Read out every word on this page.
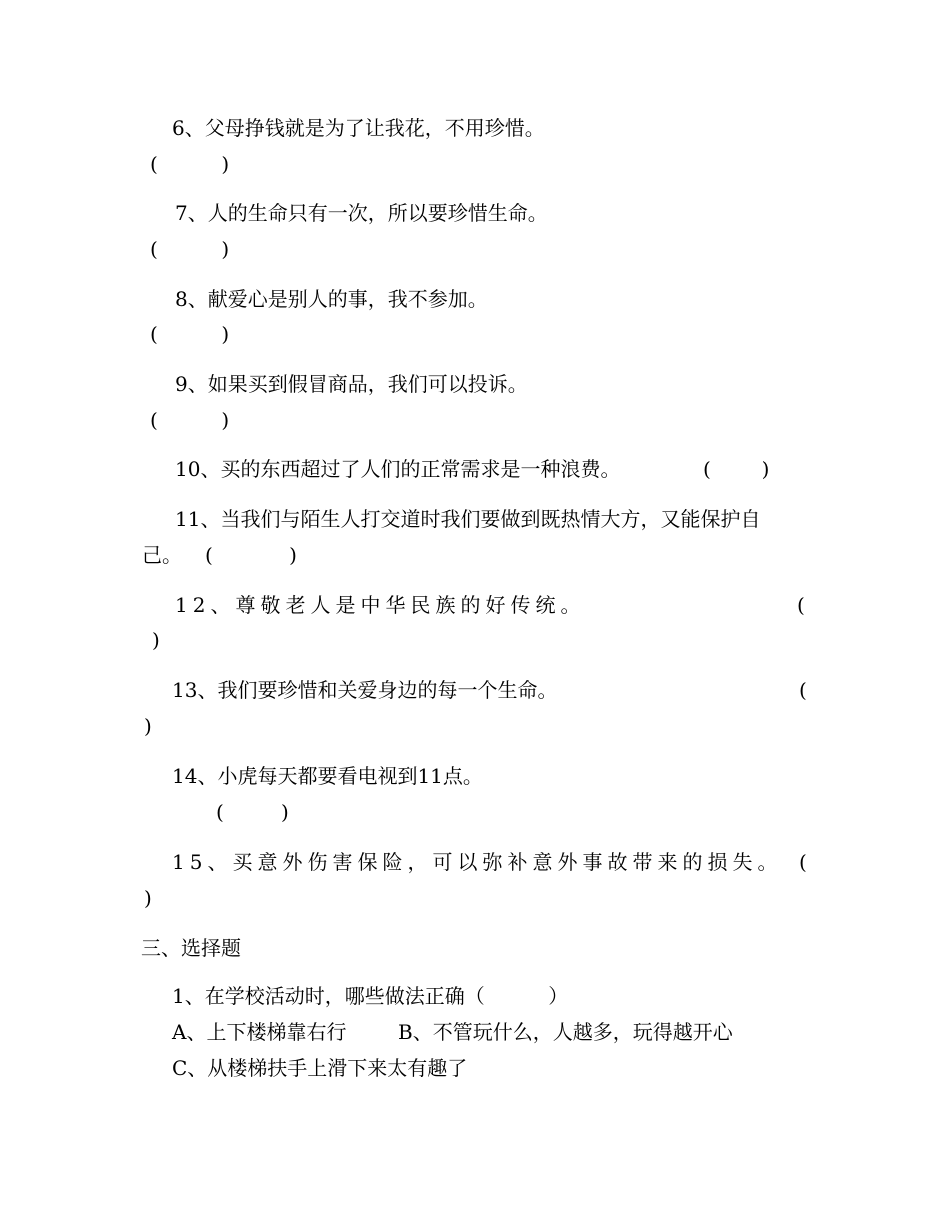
6、父母挣钱就是为了让我花，不用珍惜。
(          )
7、人的生命只有一次，所以要珍惜生命。
(          )
8、献爱心是别人的事，我不参加。
(          )
9、如果买到假冒商品，我们可以投诉。
(          )
10、买的东西超过了人们的正常需求是一种浪费。	(        )
11、当我们与陌生人打交道时我们要做到既热情大方，又能保护自
己。 (            )
12、尊敬老人是中华民族的好传统。	(
)
13、我们要珍惜和关爱身边的每一个生命。	(
)
14、小虎每天都要看电视到11点。
(         )
15、买意外伤害保险，可以弥补意外事故带来的损失。 (
)
三、选择题
1、在学校活动时，哪些做法正确（          ）
A、上下楼梯靠右行	B、不管玩什么，人越多，玩得越开心
C、从楼梯扶手上滑下来太有趣了
